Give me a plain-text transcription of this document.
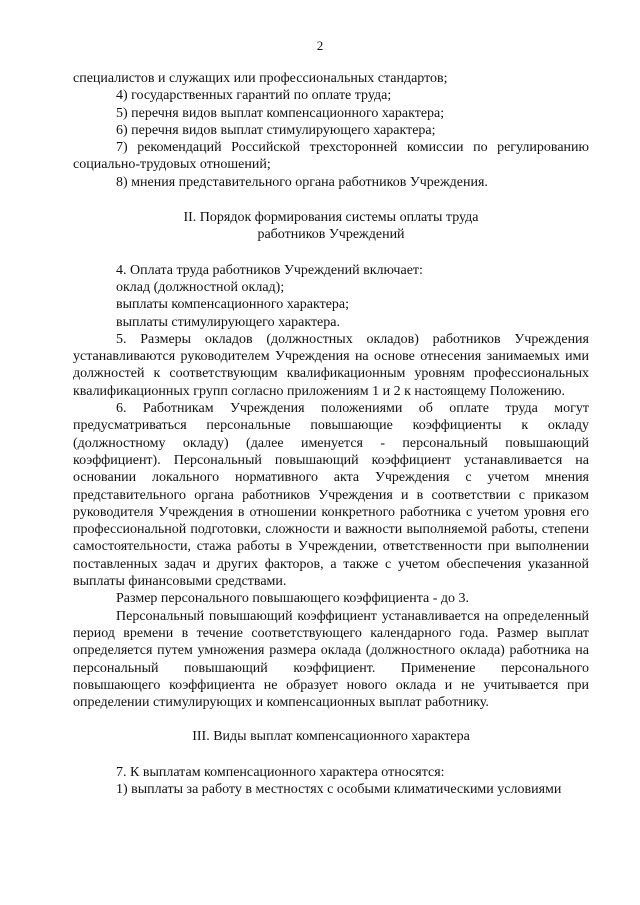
2

специалистов и служащих или профессиональных стандартов;

4) государственных гарантий по оплате труда;

5) перечня видов выплат компенсационного характера;

6) перечня видов выплат стимулирующего характера;

7) рекомендаций Российской трехсторонней комиссии по регулированию социально-трудовых отношений;

8) мнения представительного органа работников Учреждения.

II. Порядок формирования системы оплаты труда
работников Учреждений

4. Оплата труда работников Учреждений включает:

оклад (должностной оклад);

выплаты компенсационного характера;

выплаты стимулирующего характера.

5. Размеры окладов (должностных окладов) работников Учреждения устанавливаются руководителем Учреждения на основе отнесения занимаемых ими должностей к соответствующим квалификационным уровням профессиональных квалификационных групп согласно приложениям 1 и 2 к настоящему Положению.

6. Работникам Учреждения положениями об оплате труда могут предусматриваться персональные повышающие коэффициенты к окладу (должностному окладу) (далее именуется - персональный повышающий коэффициент). Персональный повышающий коэффициент устанавливается на основании локального нормативного акта Учреждения с учетом мнения представительного органа работников Учреждения и в соответствии с приказом руководителя Учреждения в отношении конкретного работника с учетом уровня его профессиональной подготовки, сложности и важности выполняемой работы, степени самостоятельности, стажа работы в Учреждении, ответственности при выполнении поставленных задач и других факторов, а также с учетом обеспечения указанной выплаты финансовыми средствами.

Размер персонального повышающего коэффициента - до 3.

Персональный повышающий коэффициент устанавливается на определенный период времени в течение соответствующего календарного года. Размер выплат определяется путем умножения размера оклада (должностного оклада) работника на персональный повышающий коэффициент. Применение персонального повышающего коэффициента не образует нового оклада и не учитывается при определении стимулирующих и компенсационных выплат работнику.

III. Виды выплат компенсационного характера

7. К выплатам компенсационного характера относятся:

1) выплаты за работу в местностях с особыми климатическими условиями
